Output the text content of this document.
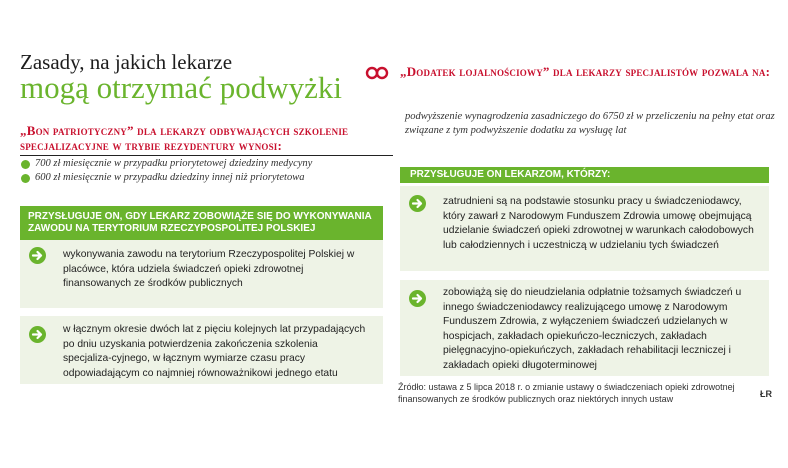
Zasady, na jakich lekarze
mogą otrzymać podwyżki
„Bon patriotyczny” dla lekarzy odbywających szkolenie specjalizacyjne w trybie rezydentury wynosi:
700 zł miesięcznie w przypadku priorytetowej dziedziny medycyny
600 zł miesięcznie w przypadku dziedziny innej niż priorytetowa
PRZYSŁUGUJE ON, GDY LEKARZ ZOBOWIĄŻE SIĘ DO WYKONYWANIA ZAWODU NA TERYTORIUM RZECZYPOSPOLITEJ POLSKIEJ
wykonywania zawodu na terytorium Rzeczypospolitej Polskiej w placówce, która udziela świadczeń opieki zdrowotnej finansowanych ze środków publicznych
w łącznym okresie dwóch lat z pięciu kolejnych lat przypadających po dniu uzyskania potwierdzenia zakończenia szkolenia specjaliza-cyjnego, w łącznym wymiarze czasu pracy odpowiadającym co najmniej równoważnikowi jednego etatu
„Dodatek lojalnościowy” dla lekarzy specjalistów pozwala na:
podwyższenie wynagrodzenia zasadniczego do 6750 zł w przeliczeniu na pełny etat oraz związane z tym podwyższenie dodatku za wysługę lat
PRZYSŁUGUJE ON LEKARZOM, KTÓRZY:
zatrudnieni są na podstawie stosunku pracy u świadczeniodawcy, który zawarł z Narodowym Funduszem Zdrowia umowę obejmującą udzielanie świadczeń opieki zdrowotnej w warunkach całodobowych lub całodziennych i uczestniczą w udzielaniu tych świadczeń
zobowiążą się do nieudzielania odpłatnie tożsamych świadczeń u innego świadczeniodawcy realizującego umowę z Narodowym Funduszem Zdrowia, z wyłączeniem świadczeń udzielanych w hospicjach, zakładach opiekuńczo-leczniczych, zakładach pielęgnacyjno-opiekuńczych, zakładach rehabilitacji leczniczej i zakładach opieki długoterminowej
Źródło: ustawa z 5 lipca 2018 r. o zmianie ustawy o świadczeniach opieki zdrowotnej finansowanych ze środków publicznych oraz niektórych innych ustaw	ŁR
